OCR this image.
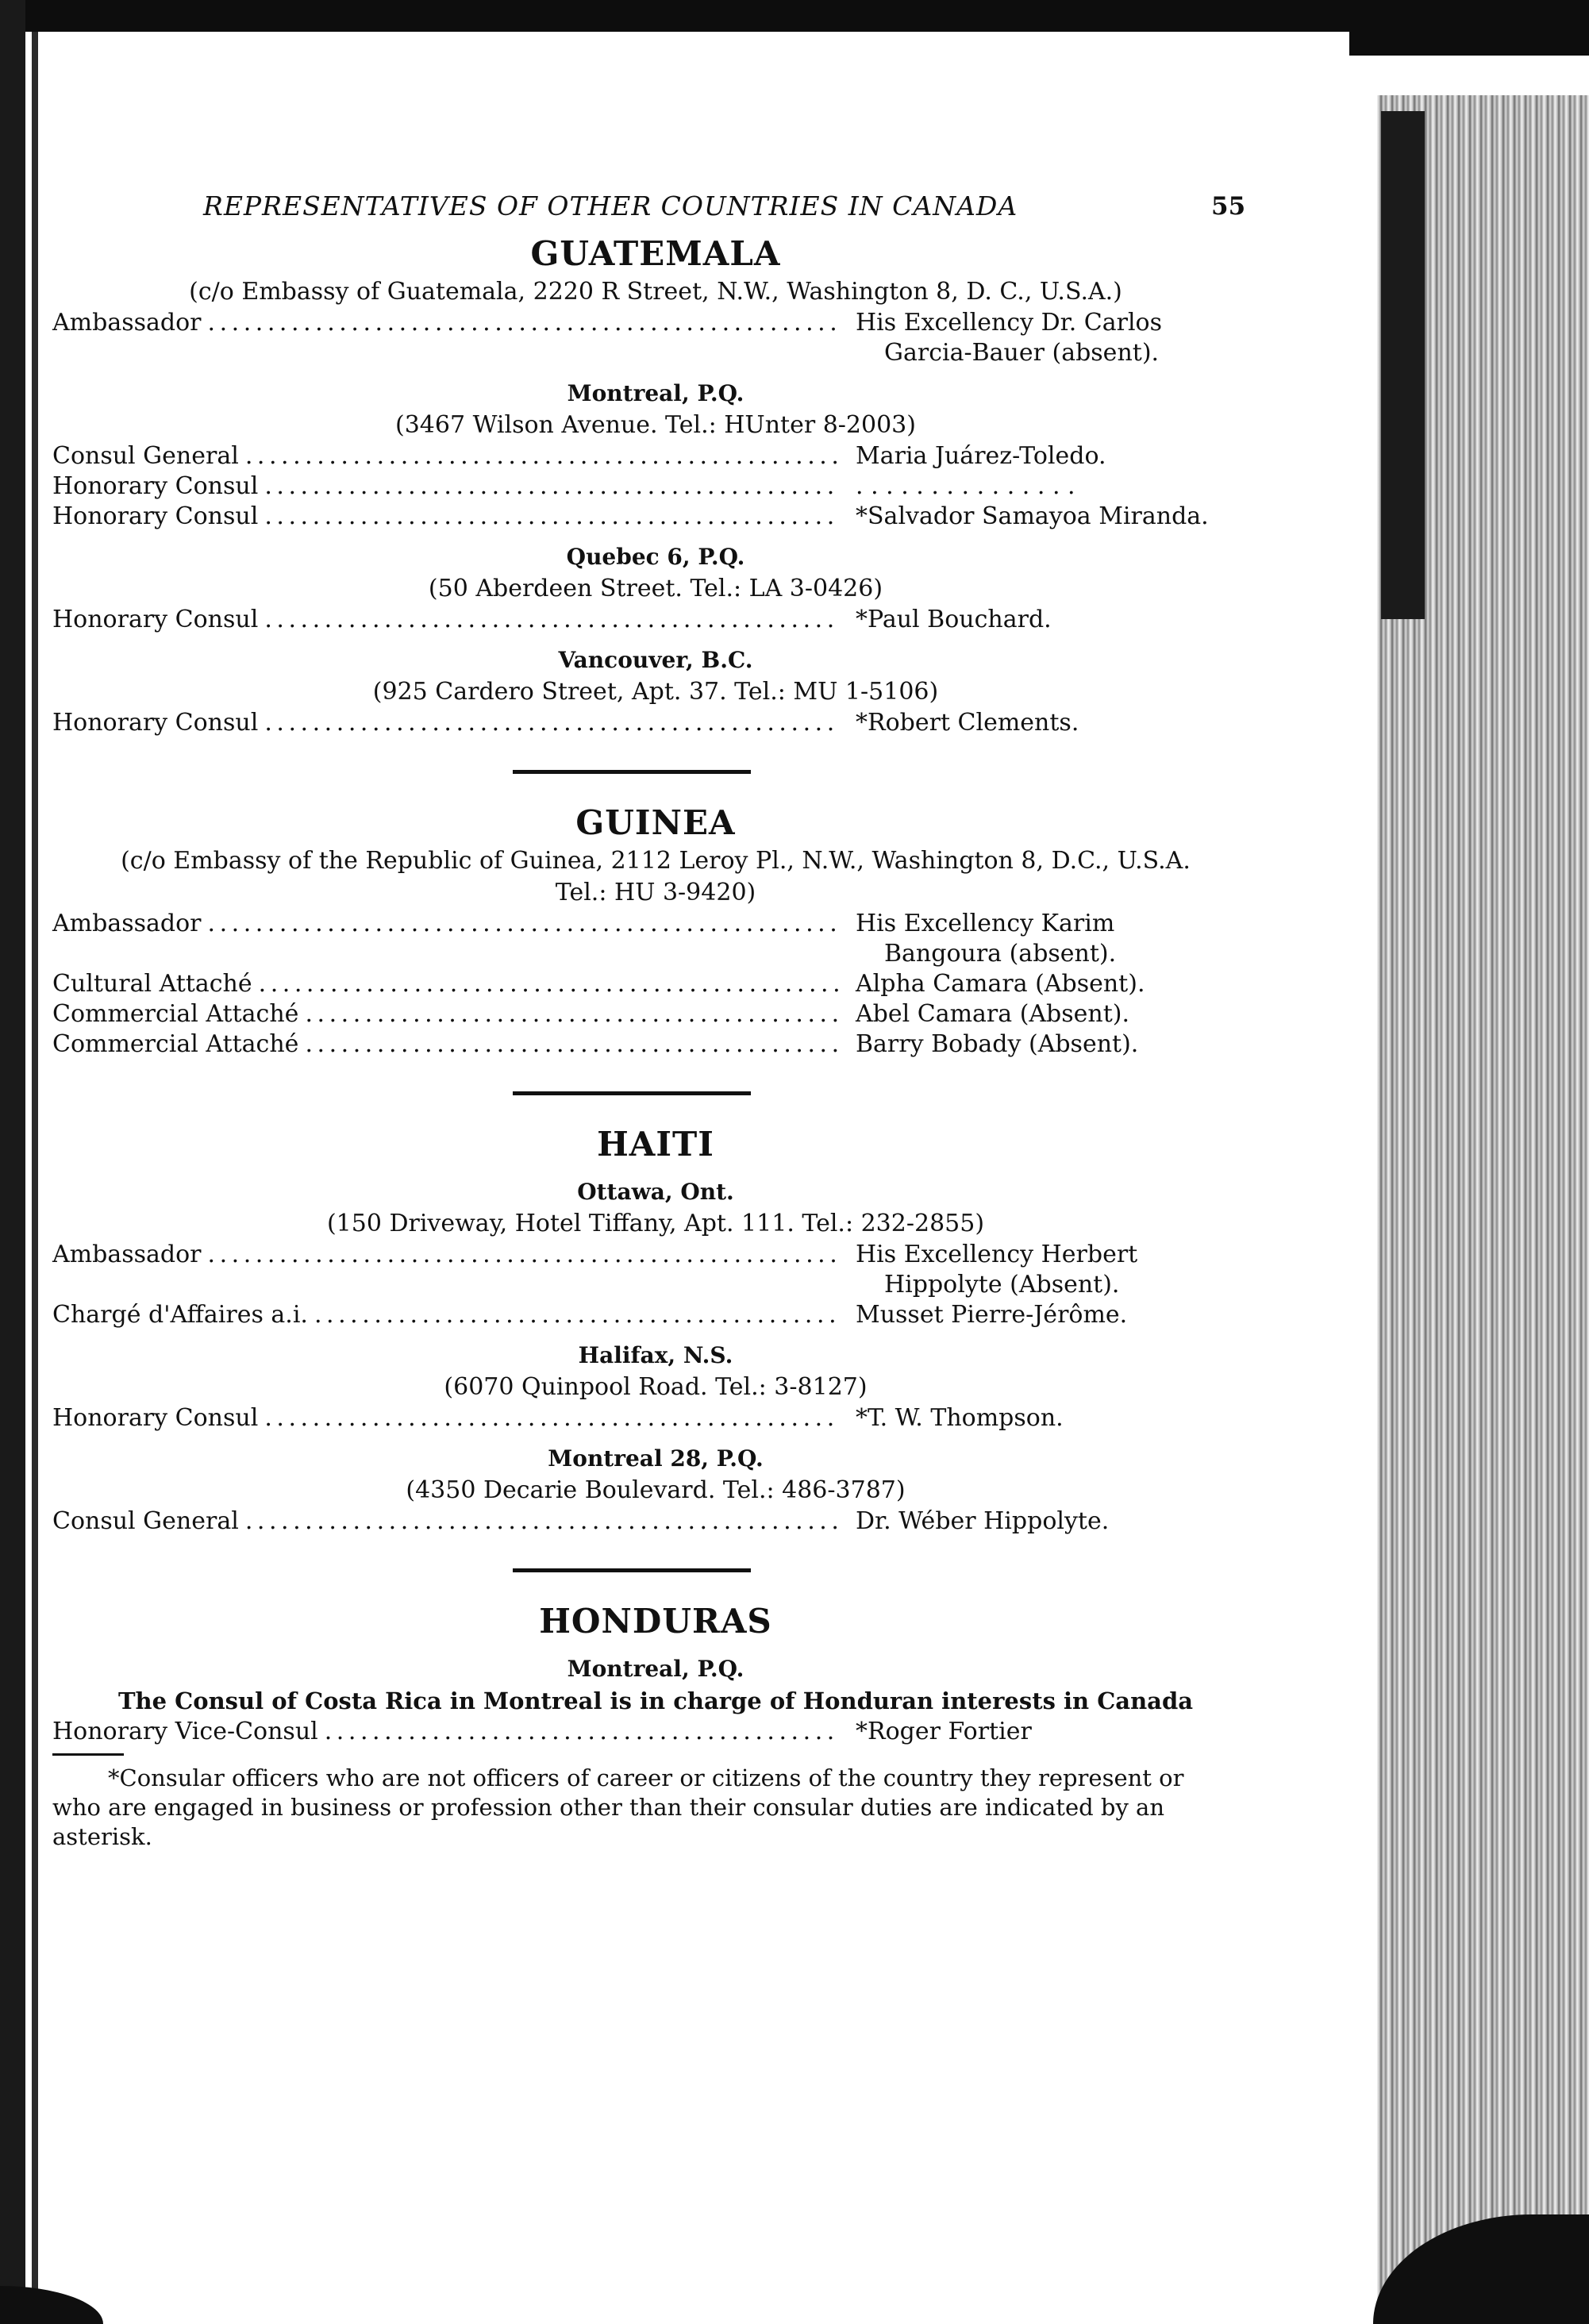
REPRESENTATIVES OF OTHER COUNTRIES IN CANADA	55
GUATEMALA
(c/o Embassy of Guatemala, 2220 R Street, N.W., Washington 8, D. C., U.S.A.)
Ambassador . . .	His Excellency Dr. Carlos
Garcia-Bauer (absent).
Montreal, P.Q.
(3467 Wilson Avenue. Tel.: HUnter 8-2003)
Consul General . . .	Maria Juárez-Toledo.
Honorary Consul . . .	. . . . . . . . . . . . . . .
Honorary Consul . . .	*Salvador Samayoa Miranda.
Quebec 6, P.Q.
(50 Aberdeen Street. Tel.: LA 3-0426)
Honorary Consul . . .	*Paul Bouchard.
Vancouver, B.C.
(925 Cardero Street, Apt. 37. Tel.: MU 1-5106)
Honorary Consul . . .	*Robert Clements.
GUINEA
(c/o Embassy of the Republic of Guinea, 2112 Leroy Pl., N.W., Washington 8, D.C., U.S.A.
Tel.: HU 3-9420)
Ambassador . . .	His Excellency Karim
Bangoura (absent).
Cultural Attaché . . .	Alpha Camara (Absent).
Commercial Attaché . . .	Abel Camara (Absent).
Commercial Attaché . . .	Barry Bobady (Absent).
HAITI
Ottawa, Ont.
(150 Driveway, Hotel Tiffany, Apt. 111. Tel.: 232-2855)
Ambassador . . .	His Excellency Herbert
Hippolyte (Absent).
Chargé d'Affaires a.i. . . .	Musset Pierre-Jérôme.
Halifax, N.S.
(6070 Quinpool Road. Tel.: 3-8127)
Honorary Consul . . .	*T. W. Thompson.
Montreal 28, P.Q.
(4350 Decarie Boulevard. Tel.: 486-3787)
Consul General . . .	Dr. Wéber Hippolyte.
HONDURAS
Montreal, P.Q.
The Consul of Costa Rica in Montreal is in charge of Honduran interests in Canada
Honorary Vice-Consul . . .	*Roger Fortier

*Consular officers who are not officers of career or citizens of the country they represent or who are engaged in business or profession other than their consular duties are indicated by an asterisk.
